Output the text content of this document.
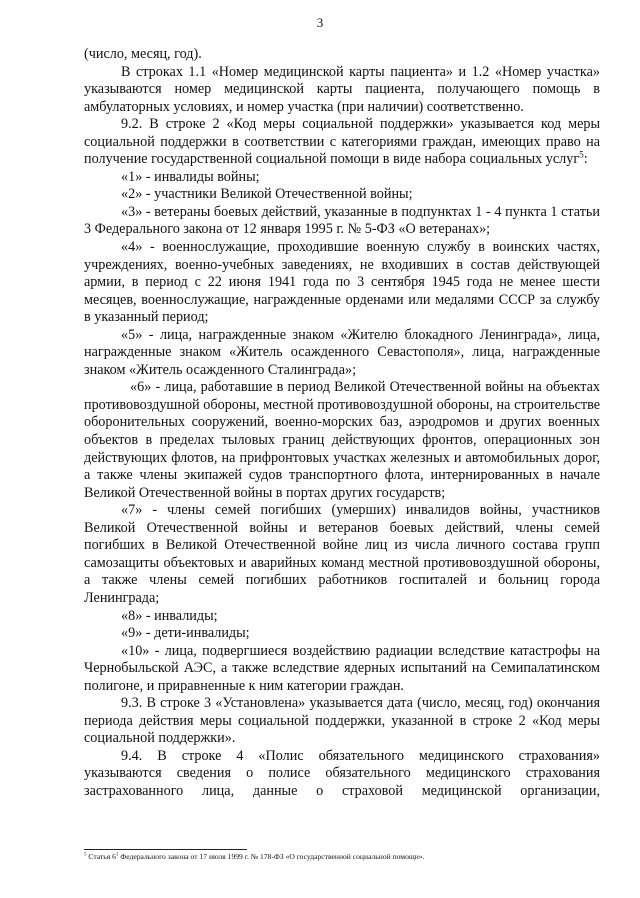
3

(число, месяц, год).

В строках 1.1 «Номер медицинской карты пациента» и 1.2 «Номер участка» указываются номер медицинской карты пациента, получающего помощь в амбулаторных условиях, и номер участка (при наличии) соответственно.

9.2. В строке 2 «Код меры социальной поддержки» указывается код меры социальной поддержки в соответствии с категориями граждан, имеющих право на получение государственной социальной помощи в виде набора социальных услуг$^5$:

«1» - инвалиды войны;

«2» - участники Великой Отечественной войны;

«3» - ветераны боевых действий, указанные в подпунктах 1 - 4 пункта 1 статьи 3 Федерального закона от 12 января 1995 г. № 5-ФЗ «О ветеранах»;

«4» - военнослужащие, проходившие военную службу в воинских частях, учреждениях, военно-учебных заведениях, не входивших в состав действующей армии, в период с 22 июня 1941 года по 3 сентября 1945 года не менее шести месяцев, военнослужащие, награжденные орденами или медалями СССР за службу в указанный период;

«5» - лица, награжденные знаком «Жителю блокадного Ленинграда», лица, награжденные знаком «Житель осажденного Севастополя», лица, награжденные знаком «Житель осажденного Сталинграда»;

«6» - лица, работавшие в период Великой Отечественной войны на объектах противовоздушной обороны, местной противовоздушной обороны, на строительстве оборонительных сооружений, военно-морских баз, аэродромов и других военных объектов в пределах тыловых границ действующих фронтов, операционных зон действующих флотов, на прифронтовых участках железных и автомобильных дорог, а также члены экипажей судов транспортного флота, интернированных в начале Великой Отечественной войны в портах других государств;

«7» - члены семей погибших (умерших) инвалидов войны, участников Великой Отечественной войны и ветеранов боевых действий, члены семей погибших в Великой Отечественной войне лиц из числа личного состава групп самозащиты объектовых и аварийных команд местной противовоздушной обороны, а также члены семей погибших работников госпиталей и больниц города Ленинграда;

«8» - инвалиды;

«9» - дети-инвалиды;

«10» - лица, подвергшиеся воздействию радиации вследствие катастрофы на Чернобыльской АЭС, а также вследствие ядерных испытаний на Семипалатинском полигоне, и приравненные к ним категории граждан.

9.3. В строке 3 «Установлена» указывается дата (число, месяц, год) окончания периода действия меры социальной поддержки, указанной в строке 2 «Код меры социальной поддержки».

9.4. В строке 4 «Полис обязательного медицинского страхования» указываются сведения о полисе обязательного медицинского страхования застрахованного лица, данные о страховой медицинской организации,

$^5$ Статья $6^1$ Федерального закона от 17 июля 1999 г. № 178-ФЗ «О государственной социальной помощи».
